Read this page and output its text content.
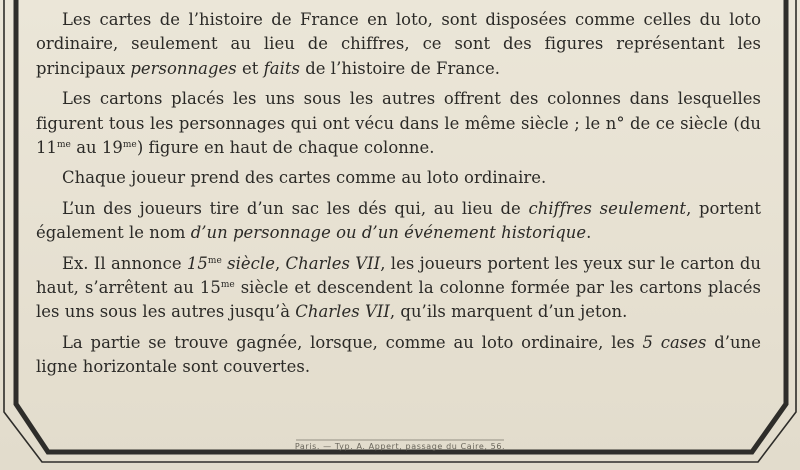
Les cartes de l’histoire de France en loto, sont disposées comme celles du loto ordinaire, seulement au lieu de chiffres, ce sont des figures représentant les principaux personnages et faits de l’histoire de France.

Les cartons placés les uns sous les autres offrent des colonnes dans lesquelles figurent tous les personnages qui ont vécu dans le même siècle ; le n° de ce siècle (du $11^{me}$ au $19^{me}$) figure en haut de chaque colonne.

Chaque joueur prend des cartes comme au loto ordinaire.

L’un des joueurs tire d’un sac les dés qui, au lieu de chiffres seulement, portent également le nom d’un personnage ou d’un événement historique.

Ex. Il annonce $15^{me}$ siècle, Charles VII, les joueurs portent les yeux sur le carton du haut, s’arrêtent au $15^{me}$ siècle et descendent la colonne formée par les cartons placés les uns sous les autres jusqu’à Charles VII, qu’ils marquent d’un jeton.

La partie se trouve gagnée, lorsque, comme au loto ordinaire, les 5 cases d’une ligne horizontale sont couvertes.

Paris. — Typ. A. Appert, passage du Caire, 56.
